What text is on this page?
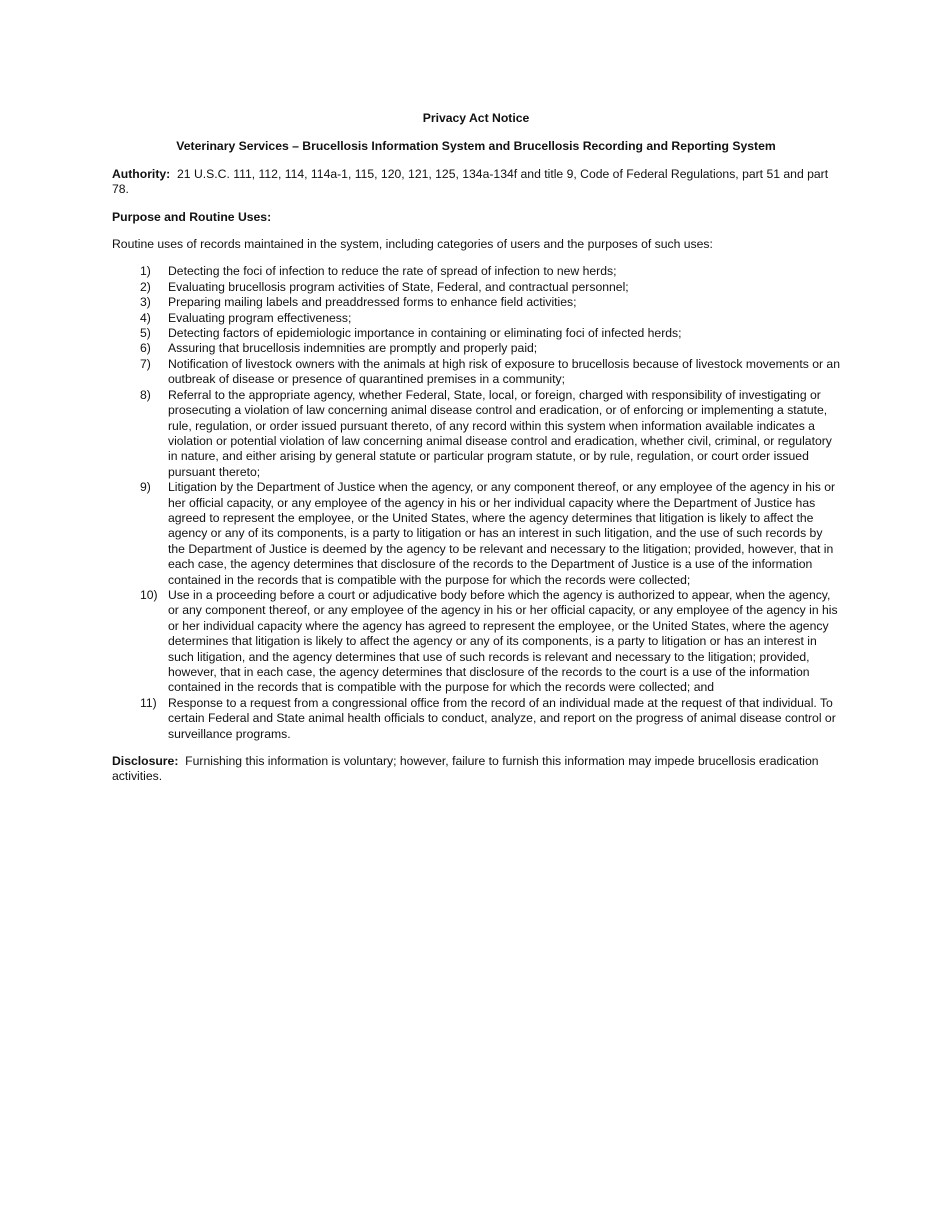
Privacy Act Notice
Veterinary Services – Brucellosis Information System and Brucellosis Recording and Reporting System
Authority: 21 U.S.C. 111, 112, 114, 114a-1, 115, 120, 121, 125, 134a-134f and title 9, Code of Federal Regulations, part 51 and part 78.
Purpose and Routine Uses:
Routine uses of records maintained in the system, including categories of users and the purposes of such uses:
1)	Detecting the foci of infection to reduce the rate of spread of infection to new herds;
2)	Evaluating brucellosis program activities of State, Federal, and contractual personnel;
3)	Preparing mailing labels and preaddressed forms to enhance field activities;
4)	Evaluating program effectiveness;
5)	Detecting factors of epidemiologic importance in containing or eliminating foci of infected herds;
6)	Assuring that brucellosis indemnities are promptly and properly paid;
7)	Notification of livestock owners with the animals at high risk of exposure to brucellosis because of livestock movements or an outbreak of disease or presence of quarantined premises in a community;
8)	Referral to the appropriate agency, whether Federal, State, local, or foreign, charged with responsibility of investigating or prosecuting a violation of law concerning animal disease control and eradication, or of enforcing or implementing a statute, rule, regulation, or order issued pursuant thereto, of any record within this system when information available indicates a violation or potential violation of law concerning animal disease control and eradication, whether civil, criminal, or regulatory in nature, and either arising by general statute or particular program statute, or by rule, regulation, or court order issued pursuant thereto;
9)	Litigation by the Department of Justice when the agency, or any component thereof, or any employee of the agency in his or her official capacity, or any employee of the agency in his or her individual capacity where the Department of Justice has agreed to represent the employee, or the United States, where the agency determines that litigation is likely to affect the agency or any of its components, is a party to litigation or has an interest in such litigation, and the use of such records by the Department of Justice is deemed by the agency to be relevant and necessary to the litigation; provided, however, that in each case, the agency determines that disclosure of the records to the Department of Justice is a use of the information contained in the records that is compatible with the purpose for which the records were collected;
10) Use in a proceeding before a court or adjudicative body before which the agency is authorized to appear, when the agency, or any component thereof, or any employee of the agency in his or her official capacity, or any employee of the agency in his or her individual capacity where the agency has agreed to represent the employee, or the United States, where the agency determines that litigation is likely to affect the agency or any of its components, is a party to litigation or has an interest in such litigation, and the agency determines that use of such records is relevant and necessary to the litigation; provided, however, that in each case, the agency determines that disclosure of the records to the court is a use of the information contained in the records that is compatible with the purpose for which the records were collected; and
11) Response to a request from a congressional office from the record of an individual made at the request of that individual. To certain Federal and State animal health officials to conduct, analyze, and report on the progress of animal disease control or surveillance programs.
Disclosure: Furnishing this information is voluntary; however, failure to furnish this information may impede brucellosis eradication activities.
